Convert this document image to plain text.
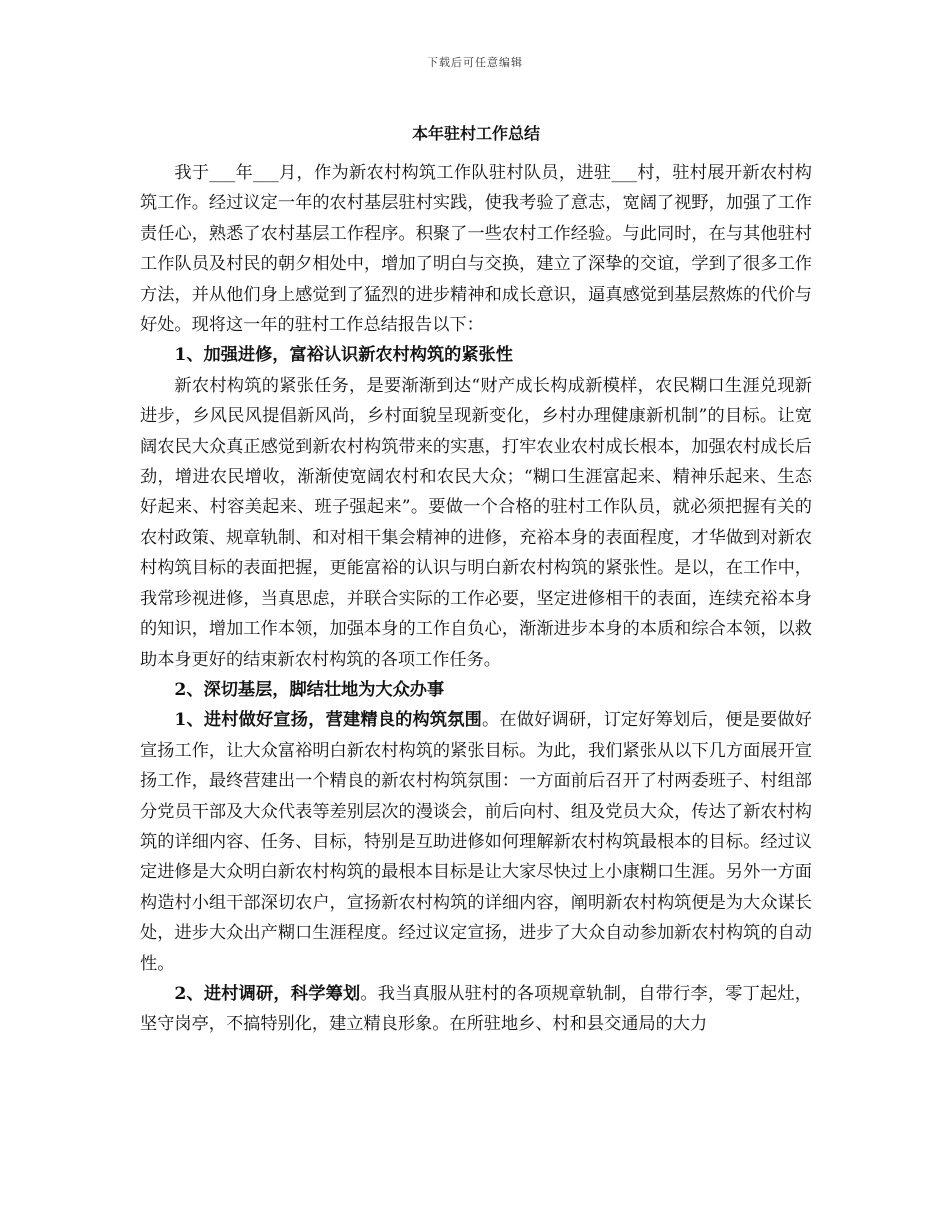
下载后可任意编辑
本年驻村工作总结

我于___年___月，作为新农村构筑工作队驻村队员，进驻___村，驻村展开新农村构筑工作。经过议定一年的农村基层驻村实践，使我考验了意志，宽阔了视野，加强了工作责任心，熟悉了农村基层工作程序。积聚了一些农村工作经验。与此同时，在与其他驻村工作队员及村民的朝夕相处中，增加了明白与交换，建立了深挚的交谊，学到了很多工作方法，并从他们身上感觉到了猛烈的进步精神和成长意识，逼真感觉到基层熬炼的代价与好处。现将这一年的驻村工作总结报告以下：

1、加强进修，富裕认识新农村构筑的紧张性

新农村构筑的紧张任务，是要渐渐到达“财产成长构成新模样，农民糊口生涯兑现新进步，乡风民风提倡新风尚，乡村面貌呈现新变化，乡村办理健康新机制”的目标。让宽阔农民大众真正感觉到新农村构筑带来的实惠，打牢农业农村成长根本，加强农村成长后劲，增进农民增收，渐渐使宽阔农村和农民大众；“糊口生涯富起来、精神乐起来、生态好起来、村容美起来、班子强起来”。要做一个合格的驻村工作队员，就必须把握有关的农村政策、规章轨制、和对相干集会精神的进修，充裕本身的表面程度，才华做到对新农村构筑目标的表面把握，更能富裕的认识与明白新农村构筑的紧张性。是以，在工作中，我常珍视进修，当真思虑，并联合实际的工作必要，坚定进修相干的表面，连续充裕本身的知识，增加工作本领，加强本身的工作自负心，渐渐进步本身的本质和综合本领，以救助本身更好的结束新农村构筑的各项工作任务。

2、深切基层，脚结壮地为大众办事

1、进村做好宣扬，营建精良的构筑氛围。在做好调研，订定好筹划后，便是要做好宣扬工作，让大众富裕明白新农村构筑的紧张目标。为此，我们紧张从以下几方面展开宣扬工作，最终营建出一个精良的新农村构筑氛围：一方面前后召开了村两委班子、村组部分党员干部及大众代表等差别层次的漫谈会，前后向村、组及党员大众，传达了新农村构筑的详细内容、任务、目标，特别是互助进修如何理解新农村构筑最根本的目标。经过议定进修是大众明白新农村构筑的最根本目标是让大家尽快过上小康糊口生涯。另外一方面构造村小组干部深切农户，宣扬新农村构筑的详细内容，阐明新农村构筑便是为大众谋长处，进步大众出产糊口生涯程度。经过议定宣扬，进步了大众自动参加新农村构筑的自动性。

2、进村调研，科学筹划。我当真服从驻村的各项规章轨制，自带行李，零丁起灶，坚守岗亭，不搞特别化，建立精良形象。在所驻地乡、村和县交通局的大力
